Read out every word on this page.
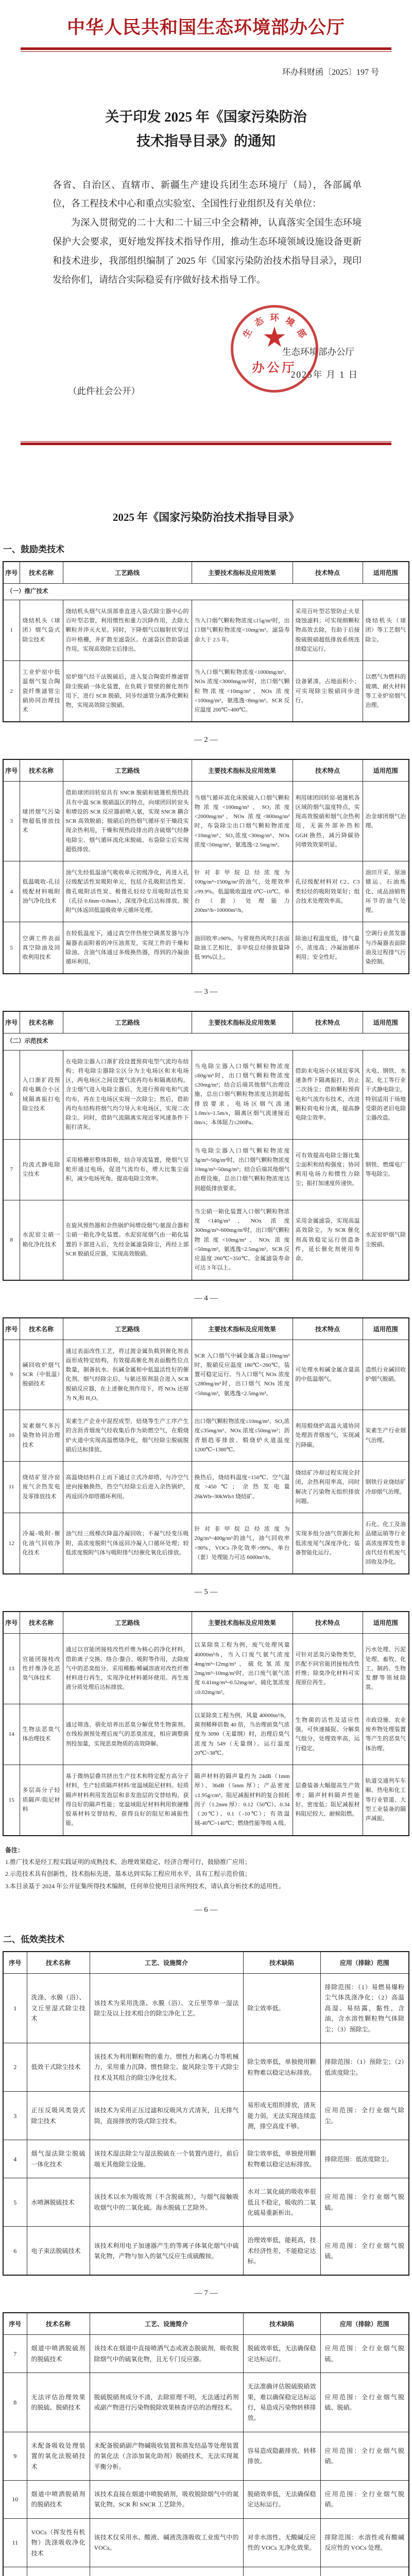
中华人民共和国生态环境部办公厅
环办科财函〔2025〕197 号
关于印发 2025 年《国家污染防治
技术指导目录》的通知

各省、自治区、直辖市、新疆生产建设兵团生态环境厅（局），各部属单位，各工程技术中心和重点实验室、全国性行业组织及有关单位：

为深入贯彻党的二十大和二十届三中全会精神，认真落实全国生态环境保护大会要求，更好地发挥技术指导作用，推动生态环境领域设施设备更新和技术进步，我部组织编制了 2025 年《国家污染防治技术指导目录》，现印发给你们，请结合实际稳妥有序做好技术指导工作。

生态环境部办公厅
2025年 月 1 日
（此件社会公开）
生
态 环 境
部
★
办公厅
2025 年《国家污染防治技术指导目录》
一、鼓励类技术
序号	技术名称	工艺路线	主要技术指标及应用效果	技术特点	适用范围
（一）推广技术					
1	烧结机头（球团）烟气袋式除尘技术	烧结机头烟气从顶部垂直进入袋式除尘器中心的百叶型芯管，利用惯性和重力沉降作用，去除大颗粒并淬灭火星。同时，下降烟气以辐射状穿过百叶格栅，并扩散至滤袋区。在滤袋区借助袋滤作用，实现高效除尘后排出。	当入口烟气颗粒物浓度≤15g/m³时，出口烟气颗粒物浓度<10mg/m³。滤袋寿命大于 2.5 年。	采用百叶型芯管防止火星烧蚀滤料；可实现细颗粒物高效去除，有助于后接脱硫脱硝超低排放系统连续稳定运行。	烧结机头（球团）等工艺烟气除尘。
2	工业炉窑中低温烟气复合陶瓷纤维滤管尘硝协同治理技术	窑炉烟气经干法脱硫后，进入复合陶瓷纤维滤管除尘脱硝一体化装置，在负载于管壁的催化剂作用下，进行 SCR 脱硝，同步经滤管分离净化颗粒物，实现高效除尘脱硝。	当入口烟气颗粒物浓度<1000mg/m³、NOx 浓度<3000mg/m³时，出口烟气颗粒物浓度<10mg/m³、NOx 浓度<100mg/m³，氨逃逸<8mg/m³。SCR 反应温度 200℃~400℃。	设备紧凑，占地面积小；可实现除尘脱硝同步进行。	以燃气为燃料的玻璃、耐火材料等工业炉窑烟气治理。
— 2 —
序号	技术名称	工艺路线	主要技术指标及应用效果	技术特点	适用范围
3	球团烟气污染物超低排放技术	借助球团回转窑具有 SNCR 脱硝和链篦机预热段具有中温 SCR 脱硝温区的特点，向球团回转窑头和增设的 SCR 反应器前喷入氨，实现 SNCR 耦合 SCR 高效脱硝；脱硝后的热烟气循环至干燥段实现余热利用，干燥和预热段排出的含硫烟气经静电除尘、烟气循环流化床脱硫、布袋除尘后实现超低排放。	当烟气循环流化床脱硫入口烟气颗粒物浓度<100mg/m³、SO₂浓度<2000mg/m³、NOx 浓度<800mg/m³时，布袋除尘出口烟气颗粒物浓度<10mg/m³、SO₂浓度<30mg/m³、NOx 浓度<50mg/m³，氨逃逸<2.5mg/m³。	利用球团回转窑-链篦机各区域的烟气温度特点，实现高效脱硝和烟气余热利用，无需外部补热和 GGH 换热，减污降碳协同增效效果明显。	冶金球团烟气治理。
4	低温吸收-孔径级配材料吸附油气净化技术	油气先经低温油气吸收单元初级净化，再进入孔径级配活性炭吸附单元，包括介孔吸附活性炭、微孔吸附活性炭、极微孔轻烃专用吸附活性炭（孔径 0.6nm~0.8nm），深度净化后达标排放。脱附气体返回低温吸收单元循环处理。	针对非甲烷总烃浓度为 100g/m³~1500g/m³的油气，处理效率≥99.9%。低温吸收温度 0℃~10℃。单台（套）处理能力 200m³/h~10000m³/h。	孔径级配材料对 C2、C3 类轻烃的吸附效果好；组合技术处理效率高。	油田开采、原油储运、石油炼化、成品油销售环节的油气处理。
5	空调工件表面真空除油及回收利用技术	在较低温度下，通过真空伴热使空调蒸发器与冷凝器表面附着的冲压油蒸发，实现工件的干燥和除油。含油气体通过多级换热器，得到的冷凝油循环利用。	油回收率≥90%。与常规热风吹扫表面除油工艺相比，非甲烷总烃排放量降低 99%以上。	除油过程温度低，排气量小，浓度高；冷凝油循环利用；安全性好。	空调行业蒸发器与冷凝器表面除油及过程排气污染控制。
— 3 —
序号	技术名称	工艺路线	主要技术指标及应用效果	技术特点	适用范围
（二）示范技术					
6	入口渐扩段预荷电耦合小区域隔离振打电除尘技术	在电除尘器入口渐扩段设置预荷电型气流均布结构；将电除尘器除尘区分为主电场区和末电场区，两电场区之间设置气流再均布和隔离结构。含尘烟气进入电除尘器后，先进行预荷电和气流均布，再在主电场区实现一次除尘；然后，借助再均布结构将烟气均匀导入末电场区，实现二次除尘。同时，借助气流隔离实现近零风速条件下振打清灰。	当电除尘器入口烟气颗粒物浓度≤60g/m³时，出口烟气颗粒物浓度≤20mg/m³；结合后端其他烟气治理设施，总出口烟气颗粒物浓度达到超低排放要求。电场区烟气流速 1.0m/s~1.5m/s，隔离区烟气流速接近 0m/s；本体阻力≤200Pa。	借助末电场小区域近零风速条件下隔离振打，防止二次扬尘；借助颗粒预荷电和气流均布技术，改进颗粒荷电和分离，提高静电除尘效率。	火电、钢铁、水泥、化工等行业干式静电除尘，特别适用于场地受限的老旧电除尘器改造。
7	均流式静电除尘技术	采用格栅形整体阳极，结合导流装置，使烟气呈蛇形通过电场，促进气流均布，增大比集尘面积，减少电场死角，提高电除尘效率。	当电除尘器入口烟气颗粒物浓度 3g/m³~50g/m³时，出口烟气颗粒物浓度 10mg/m³~50mg/m³；结合后端其他烟气治理设施，总出口烟气颗粒物浓度达到超低排放要求。	可有效提高电除尘器比集尘面积和结构强度；协同利用电场力和惯性力除尘；振打加速度传递快。	钢铁、燃煤电厂等电除尘。
8	水泥窑尘硝一箱化净化技术	在旋风预热器和余热锅炉间增设烟气/氨混合器和尘硝一箱化净化装置。水泥窑尾烟气由一箱化装置的下部进入后，先经金属滤袋除尘，再经上部 SCR 脱硝反应器，实现高效脱硝。	当尘硝一箱化装置入口烟气颗粒物浓度<140g/m³、NOx 浓度 300mg/m³~600mg/m³时，出口烟气颗粒物浓度<10mg/m³、NOx 浓度<50mg/m³，氨逃逸<2.5mg/m³。SCR 反应温度 260℃~350℃。金属滤袋寿命可达 3 年以上。	采用金属滤袋，实现高温高效除尘，为 SCR 催化剂高效稳定运行创造条件，延长催化剂使用寿命。	水泥窑炉烟气除尘脱硝。
— 4 —
序号	技术名称	工艺路线	主要技术指标及应用效果	技术特点	适用范围
9	碱回收炉烟气 SCR（中低温）脱硝技术	通过表面改性工艺，将过渡金属负载到催化剂表面形成特定结构，有效提高催化剂表面酸性位点数量，制备抗水、抗碱金属和中低温活性好的催化剂。烟气经除尘后，与氨还原剂混合进入 SCR 脱硝反应器，在上述催化剂作用下，将 NOx 还原为 N₂和 H₂O。	SCR 入口烟气中碱金属含量≤10mg/m³时，脱硝反应温度 180℃~260℃，装置可稳定运行。当入口烟气 NOx 浓度≤280mg/m³时，出口烟气 NOx 浓度<50mg/m³，氨逃逸<2.5mg/m³。	可处理水和碱金属含量高的中低温烟气。	造纸行业碱回收炉烟气脱硝。
10	炭素烟气多污染物协同治理技术	炭素生产企业中混捏成型、焙烧等生产工序产生的含沥青烟废气经收集后作为助燃空气，在煅烧炉火道中实现高温燃烧净化，烟气经除尘脱硫脱硝后达标排放。	出口烟气颗粒物浓度≤10mg/m³、SO₂浓度≤35mg/m³、NOx 浓度≤50mg/m³；沥青烟趋零排放。煅烧炉火道温度 1200℃~1380℃。	利用煅烧炉高温火道协同处理沥青烟废气，实现减污降碳。	炭素生产行业烟气治理。
11	烧结矿竖冷窑废气余热发电及零排放技术	高温烧结料自上而下通过立式冷却塔，与冷空气逆向接触换热，热空气经除尘后进入余热锅炉，再返回冷却塔循环利用。	换热后，烧结料温度<150℃、空气温度>450℃；余热发电量 26kWh~30kWh/t 烧结矿。	烧结矿冷却过程实现全封闭，余热利用率高，同时解决了污染物无组织排放问题。	钢铁行业烧结矿冷却烟气治理。
12	冷凝-吸附-催化油气回收净化技术	油气经三级梯次降温冷凝回收；不凝气经变压吸附，高浓度脱附气体返回冷凝入口循环处理；较低浓度脱附气体与吸附排气经催化氧化后排放。	针对非甲烷总烃浓度为 20g/m³~400g/m³的油气，油气回收率>90%，VOCs 净化效率>99%。单台（套）处理能力可达 6000m³/h。	实现多组分油气资源化和低浓度尾气深度净化；装备智能化运行。	石化、化工及油品储运销等行业高浓度挥发性非卤代烃有机废气回收及净化。
— 5 —
序号	技术名称	工艺路线	主要技术指标及应用效果	技术特点	适用范围
13	官能团接枝改性纤维净化恶臭气体技术	通过以官能团接枝改性纤维为核心的净化材料，借助离子交换、络合/螯合、吸附等作用，去除废气中的恶臭组分。采用稀酸/稀碱溶液对改性纤维材料进行再生，实现净化材料循环使用。再生废液分质处理后达标排放。	以某除臭工程为例，废气处理风量 40000m³/h，当入口废气氨气浓度 4mg/m³~12mg/m³、硫化氢浓度 2mg/m³~10mg/m³时，出口废气氨气浓度 0.41mg/m³~0.52mg/m³、硫化氢浓度≤0.02mg/m³。	可针对恶臭污染物类型，匹配不同官能团接枝改性纤维；除臭净化材料可实现原位再生。	污水处理、污泥处理、畜牧、化工、制药、生物发酵等领域除臭。
14	生物法恶臭气体治理技术	通过筛选、驯化培养出恶臭分解优势生物菌剂。在线检测预处理后废气的恶臭浓度，相应调整菌剂投加量，实现恶臭物质的高效降解。	以某除臭工程为例，风量 40000m³/h，菌剂稀释倍数 40 倍，当治理前臭气浓度为 3090（无量纲）时，治理后臭气浓度为 549（无量纲）。运行温度 20℃~38℃。	生物菌的活性及适应性强，可快速捕捉、分解臭气组分，处理效率高，运行稳定。	市政设施、农业废弃物处理装置等产生的恶臭气体治理。
15	多层高分子轻质隔声/阻尼材料	基于微纳层叠共挤出生产技术和特定配方高分子材料，生产轻质隔声材料/宽温域阻尼材料。轻质隔声材料利用发泡层和非发泡层的交替结构，获得良好的隔声性能；宽温域阻尼材料利用软硬橡胶基材料交替结构，获得良好的阻尼和减振性能。	隔声材料的隔声量约为 24dB（1mm 厚）、36dB（5mm 厚）；产品密度≤1.95g/cm³。阻尼减振材料的复合损耗因子（1.2mm 厚）：0.12（50℃）、0.34（20℃）、0.1（-10℃）；有效温域-40℃~140℃；燃烧性能等级 A 级。	层叠装备大幅提高生产效率；隔声材料隔声性能好、密度低；阻尼减振材料阻尼较大、耐候阻燃。	轨道交通列车车厢、热电和化工等行业管道、大型工业装备的隔声减振。

备注：

1.推广技术是经工程实践证明的成熟技术，治理效果稳定、经济合理可行，鼓励推广应用；

2.示范技术具有创新性，技术指标先进，基本达到实际工程应用水平，具有工程示范价值；

3.本目录基于 2024 年公开征集所得技术编制，任何单位使用目录所列技术，请认真分析技术的适用性。

— 6 —
二、低效类技术
序号	技术名称	工艺、设施简介	技术缺陷	应用（排除）范围
1	洗涤、水膜（浴）、文丘里湿式除尘技术	该技术为采用洗涤、水膜（浴）、文丘里等单一湿法除尘及以上技术组合的除尘净化工艺。	除尘效率低。	排除范围：（1）易燃易爆粉尘气体洗涤净化；（2）高温高湿、易结露，黏性，含油，含水溶性颗粒物气体除尘；（3）预除尘。
2	低效干式除尘技术	该技术为利用颗粒物的重力、惯性力和离心力等机械力，采用重力沉降、惯性除尘、旋风除尘等干式除尘技术及其组合的除尘净化技术。	除尘效率低，单独使用颗粒物难以稳定达标排放。	排除范围：（1）预除尘；（2）低浓度除尘。
3	正压反吸风类袋式除尘技术	该技术为采用正压过滤和反吸风方式清灰，且无排气筒，直接排放的袋式除尘技术。	易形成无组织排放，清灰能力弱，无法实现连续监测，排空高度不够。	应用范围：全行业烟气除尘。
4	烟气湿法除尘脱硫一体化技术	该技术湿法除尘与湿法脱硫在一个装置内进行，前后端无其他除尘设施。	除尘效率低，单独使用颗粒物难以稳定达标排放。	排除范围：低浓度除尘。
5	水喷淋脱硫技术	该技术以水为吸收剂（不含脱硫剂），与烟气接触吸收烟气中的二氧化硫。海水脱硫工艺除外。	水对二氧化硫的吸收率很低且不稳定，吸收的二氧化硫易重新析出。	应用范围：全行业烟气脱硫。
6	电子束法脱硫技术	该技术利用电子加速器产生的等离子体氧化烟气中硫氧化物，产物与加入的氨气反应生成硫酸铵。	治理效率低，能耗高，技术经济性差，不能稳定达标。	应用范围：全行业烟气脱硫。
— 7 —
序号	技术名称	工艺、设施简介	技术缺陷	应用（排除）范围
7	烟道中喷洒脱硫剂的脱硫技术	该技术在烟道中直接喷洒气态或液态脱硫剂，吸收脱除烟气中的硫氧化物，且无专门反应器。	脱硫效率低，无法确保稳定达标运行。	应用范围：全行业烟气脱硫。
8	无法评估治理效果的脱硫、脱硝技术	脱硫脱硝剂成分不清，去除原理不明，无法通过药剂或副产物进行污染物脱除效果核查评估的治理技术。	无法准确评估脱硫脱硝效果，难以确保稳定达标运行，易造成污染物转移排放。	应用范围：全行业烟气脱硫、脱硝。
9	未配备吸收处理装置的氧化法脱硝技术	未配备脱硝副产物碱吸收装置和蒸发结晶等处理装置的氧化法（含添加氧化助剂）脱硝技术，无法实现氮平衡分析。	容易造成隐蔽排放、转移排放。	应用范围：全行业烟气脱硝。
10	烟道中喷洒脱硝剂的脱硝技术	该技术直接在烟道中喷脱硝剂，吸收脱除烟气中的氮氧化物。SCR 和 SNCR 工艺除外。	脱硝效率低，无法确保稳定达标运行。	应用范围：全行业烟气脱硝。
11	VOCs（挥发性有机物）洗涤吸收净化技术	该技术仅采用水、酸液、碱液洗涤吸收工业废气中的 VOCs。	对非水溶性、无酸碱反应性的 VOCs 无净化效果。	排除范围：水溶性或有酸碱反应性的 VOCs 处理。
